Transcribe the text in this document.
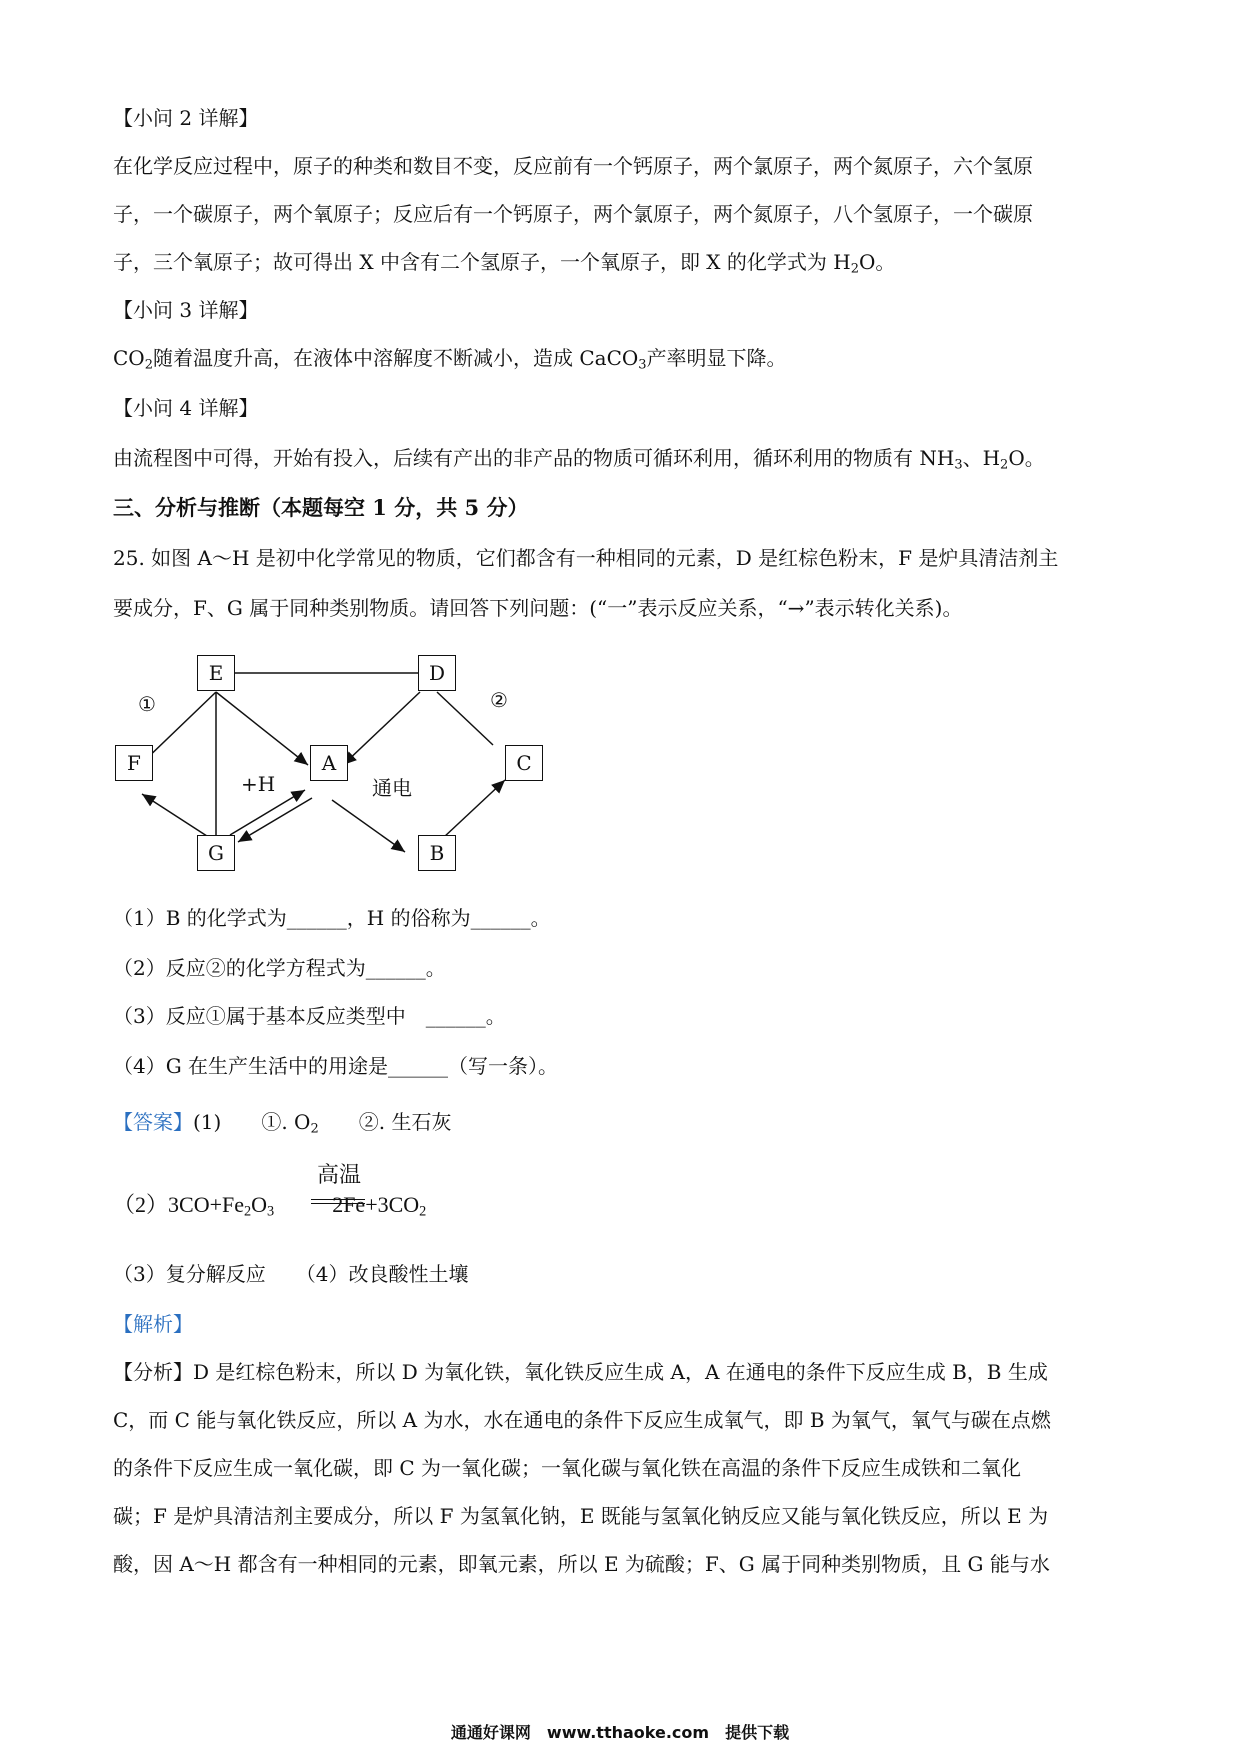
【小问 2 详解】
在化学反应过程中，原子的种类和数目不变，反应前有一个钙原子，两个氯原子，两个氮原子，六个氢原
子，一个碳原子，两个氧原子；反应后有一个钙原子，两个氯原子，两个氮原子，八个氢原子，一个碳原
子，三个氧原子；故可得出 X 中含有二个氢原子，一个氧原子，即 X 的化学式为 $H_2O$。
【小问 3 详解】
$CO_2$随着温度升高，在液体中溶解度不断减小，造成 CaCO$_3$产率明显下降。
【小问 4 详解】
由流程图中可得，开始有投入，后续有产出的非产品的物质可循环利用，循环利用的物质有 $NH_3$、$H_2O$。
三、分析与推断（本题每空 1 分，共 5 分）
25. 如图 A～H 是初中化学常见的物质，它们都含有一种相同的元素，D 是红棕色粉末，F 是炉具清洁剂主
要成分，F、G 属于同种类别物质。请回答下列问题：(“一”表示反应关系，“→”表示转化关系)。
E	D
F	A	C
G	B
①	②
+H	通电
（1）B 的化学式为______，H 的俗称为______。
（2）反应②的化学方程式为______。
（3）反应①属于基本反应类型中　______。
（4）G 在生产生活中的用途是______（写一条）。
【答案】(1)　　①. $O_2$　　②. 生石灰
$(2)3CO+Fe_2O_3$	$2Fe+3CO_2$
高温
（3）复分解反应　　（4）改良酸性土壤
【解析】
【分析】D 是红棕色粉末，所以 D 为氧化铁，氧化铁反应生成 A，A 在通电的条件下反应生成 B，B 生成
C，而 C 能与氧化铁反应，所以 A 为水，水在通电的条件下反应生成氧气，即 B 为氧气，氧气与碳在点燃
的条件下反应生成一氧化碳，即 C 为一氧化碳；一氧化碳与氧化铁在高温的条件下反应生成铁和二氧化
碳；F 是炉具清洁剂主要成分，所以 F 为氢氧化钠，E 既能与氢氧化钠反应又能与氧化铁反应，所以 E 为
酸，因 A～H 都含有一种相同的元素，即氧元素，所以 E 为硫酸；F、G 属于同种类别物质，且 G 能与水
通通好课网　www.tthaoke.com　提供下载
